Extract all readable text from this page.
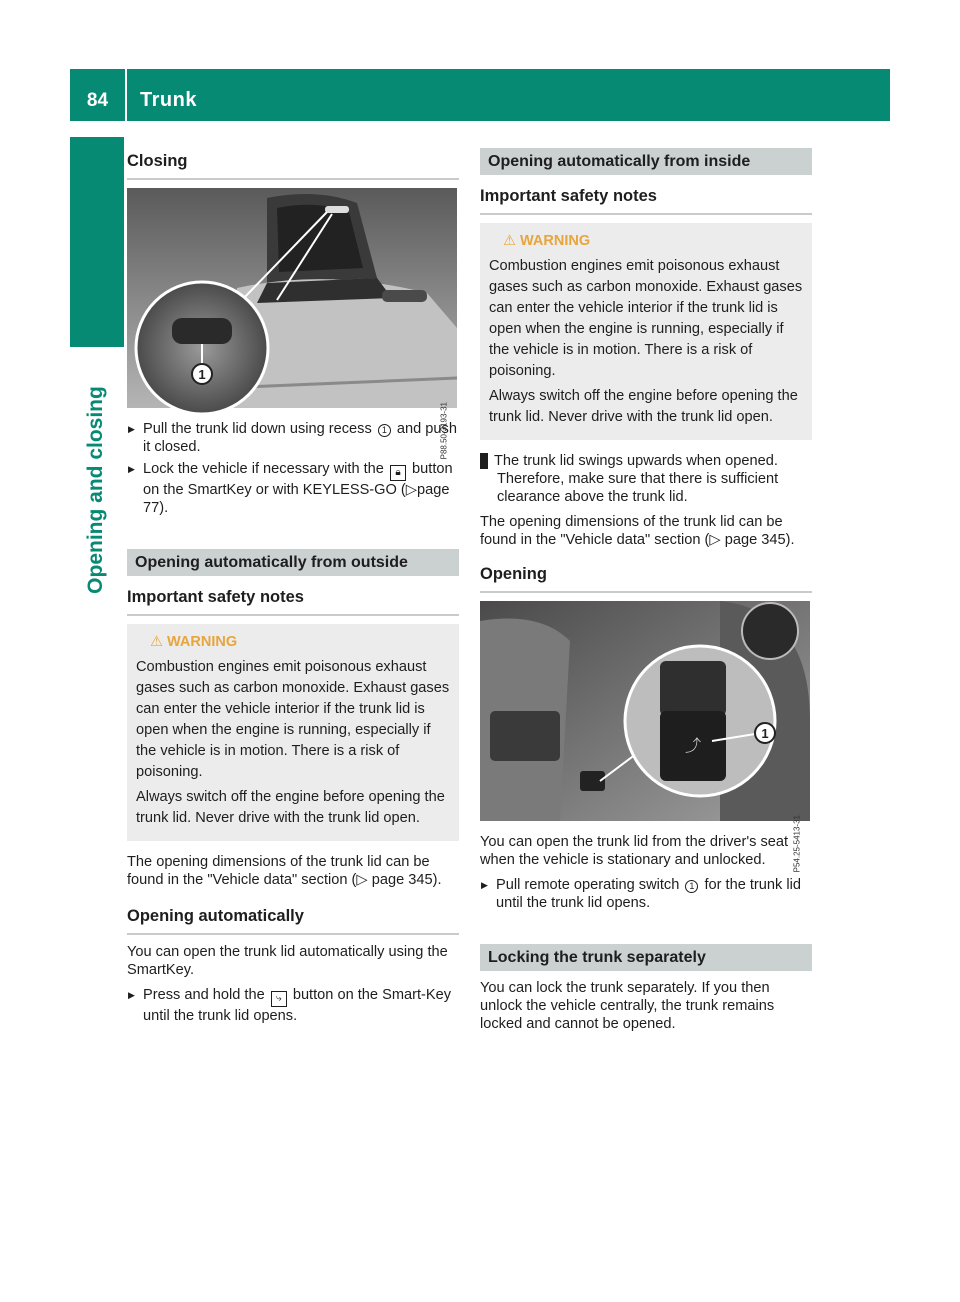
84	Trunk
Opening and closing
Closing
1
P88.50-3193-31
▶ Pull the trunk lid down using recess 1 and push it closed.
▶ Lock the vehicle if necessary with the 🔒︎ button on the SmartKey or with KEYLESS-GO (▷page 77).
Opening automatically from outside
Important safety notes
⚠︎ WARNING

Combustion engines emit poisonous exhaust gases such as carbon monoxide. Exhaust gases can enter the vehicle interior if the trunk lid is open when the engine is running, especially if the vehicle is in motion. There is a risk of poisoning.

Always switch off the engine before opening the trunk lid. Never drive with the trunk lid open.

The opening dimensions of the trunk lid can be found in the "Vehicle data" section (▷ page 345).

Opening automatically

You can open the trunk lid automatically using the SmartKey.

▶ Press and hold the ⤷ button on the Smart-Key until the trunk lid opens.
Opening automatically from inside
Important safety notes
⚠︎ WARNING

Combustion engines emit poisonous exhaust gases such as carbon monoxide. Exhaust gases can enter the vehicle interior if the trunk lid is open when the engine is running, especially if the vehicle is in motion. There is a risk of poisoning.

Always switch off the engine before opening the trunk lid. Never drive with the trunk lid open.

! The trunk lid swings upwards when opened. Therefore, make sure that there is sufficient clearance above the trunk lid.

The opening dimensions of the trunk lid can be found in the "Vehicle data" section (▷ page 345).

Opening
⤴
1
P54.25-5413-31

You can open the trunk lid from the driver's seat when the vehicle is stationary and unlocked.

▶ Pull remote operating switch 1 for the trunk lid until the trunk lid opens.
Locking the trunk separately

You can lock the trunk separately. If you then unlock the vehicle centrally, the trunk remains locked and cannot be opened.
